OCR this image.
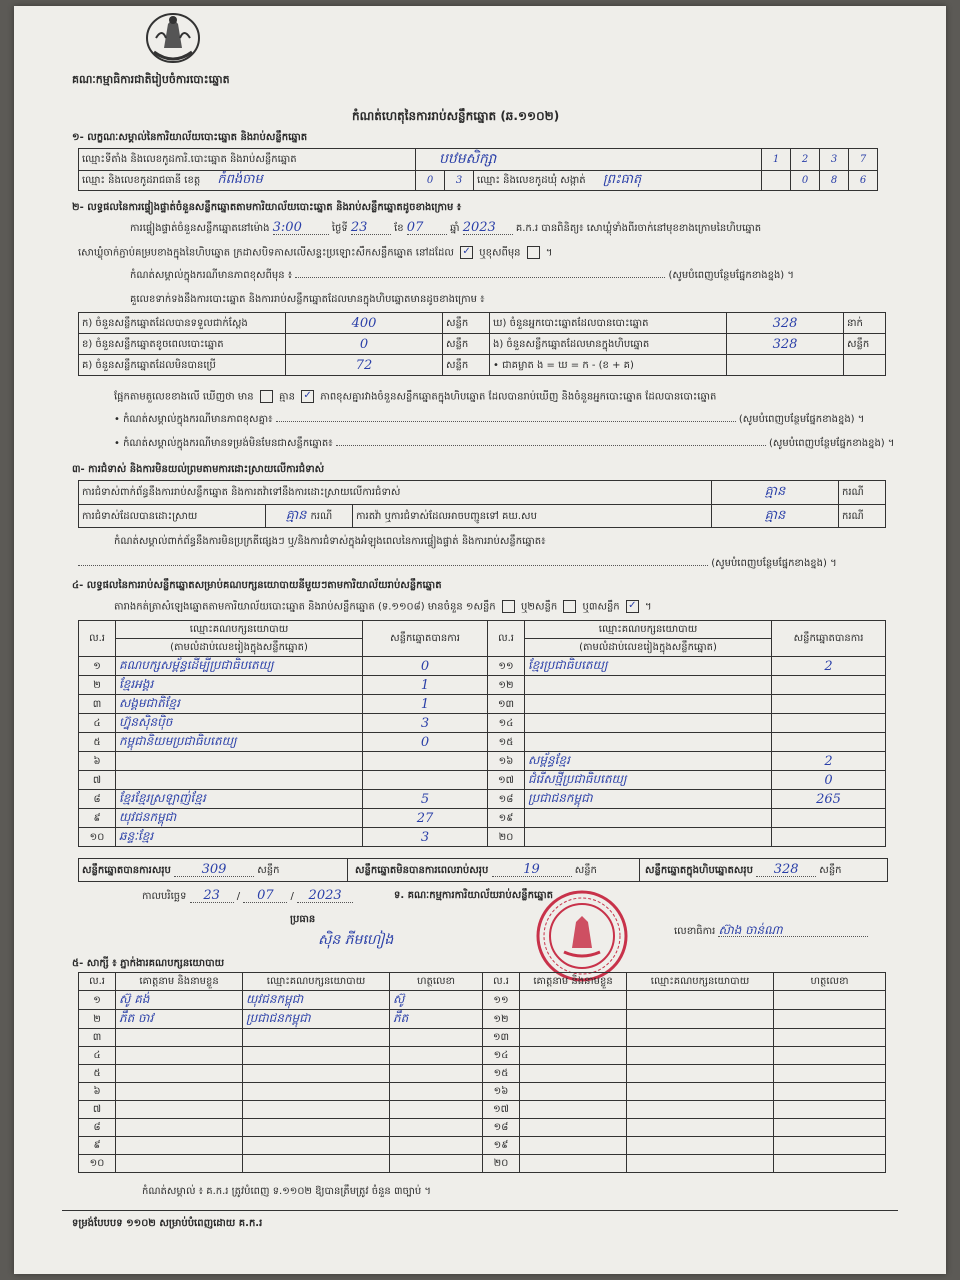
គណៈកម្មាធិការជាតិរៀបចំការបោះឆ្នោត
កំណត់ហេតុនៃការរាប់សន្លឹកឆ្នោត (ឆ.១១០២)
១- លក្ខណៈសម្គាល់នៃការិយាល័យបោះឆ្នោត និងរាប់សន្លឹកឆ្នោត
ឈ្មោះទីតាំង និងលេខកូដការិ.បោះឆ្នោត និងរាប់សន្លឹកឆ្នោត	បឋមសិក្សា			1	2	3	7
ឈ្មោះ និងលេខកូដរាជធានី ខេត្ត កំពង់ចាម	0	3	ឈ្មោះ និងលេខកូដឃុំ សង្កាត់ ព្រះធាតុ		0	8	6
២- លទ្ធផលនៃការផ្ទៀងផ្ទាត់ចំនួនសន្លឹកឆ្នោតតាមការិយាល័យបោះឆ្នោត និងរាប់សន្លឹកឆ្នោតដូចខាងក្រោម ៖
ការផ្ទៀងផ្ទាត់ចំនួនសន្លឹកឆ្នោតនៅម៉ោង 3:00	ថ្ងៃទី 23	ខែ 07	ឆ្នាំ 2023 គ.ក.រ បានពិនិត្យ៖ សោឃ្លុំទាំងពីរចាក់នៅមុខខាងក្រោមនៃហិបឆ្នោត
សោឃ្លុំចាក់ភ្ជាប់គម្របខាងក្នុងនៃហិបឆ្នោត ក្រដាសបិទភាសលើសន្ទះប្រឡោះសឹកសន្លឹកឆ្នោត នៅដដែល ✓ ឬខុសពីមុន  ។
កំណត់សម្គាល់ក្នុងករណីមានភាពខុសពីមុន ៖	(សូមបំពេញបន្ថែមផ្នែកខាងខ្នង) ។
គួលេខទាក់ទងនឹងការបោះឆ្នោត និងការរាប់សន្លឹកឆ្នោតដែលមានក្នុងហិបឆ្នោតមានដូចខាងក្រោម ៖
ក) ចំនួនសន្លឹកឆ្នោតដែលបានទទួលជាក់ស្តែង	400	សន្លឹក	ឃ) ចំនួនអ្នកបោះឆ្នោតដែលបានបោះឆ្នោត	328	នាក់
ខ) ចំនួនសន្លឹកឆ្នោតខូចពេលបោះឆ្នោត	0	សន្លឹក	ង) ចំនួនសន្លឹកឆ្នោតដែលមានក្នុងហិបឆ្នោត	328	សន្លឹក
គ) ចំនួនសន្លឹកឆ្នោតដែលមិនបានប្រើ	72	សន្លឹក	• ជាគម្លាត ង = ឃ = ក - (ខ + គ)		
ផ្អែកតាមតួលេខខាងលើ ឃើញថា មាន	គ្មាន ✓ ភាពខុសគ្នារវាងចំនួនសន្លឹកឆ្នោតក្នុងហិបឆ្នោត ដែលបានរាប់ឃើញ និងចំនួនអ្នកបោះឆ្នោត ដែលបានបោះឆ្នោត
• កំណត់សម្គាល់ក្នុងករណីមានភាពខុសគ្នា៖	(សូមបំពេញបន្ថែមផ្នែកខាងខ្នង) ។
• កំណត់សម្គាល់ក្នុងករណីមានទម្រង់មិនមែនជាសន្លឹកឆ្នោត៖	(សូមបំពេញបន្ថែមផ្នែកខាងខ្នង) ។
៣- ការជំទាស់ និងការមិនយល់ព្រមតាមការដោះស្រាយលើការជំទាស់
ការជំទាស់ពាក់ព័ន្ធនឹងការរាប់សន្លឹកឆ្នោត និងការតវ៉ាទៅនឹងការដោះស្រាយលើការជំទាស់			គ្មាន	ករណី
ការជំទាស់ដែលបានដោះស្រាយ	គ្មាន ករណី	ការតវ៉ា ឬការជំទាស់ដែលអាចបញ្ជូនទៅ គឃ.សប	គ្មាន	ករណី
កំណត់សម្គាល់ពាក់ព័ន្ធនឹងការមិនប្រក្រតីផ្សេងៗ ឬ/និងការជំទាស់ក្នុងអំឡុងពេលនៃការផ្ទៀងផ្ទាត់ និងការរាប់សន្លឹកឆ្នោត៖
(សូមបំពេញបន្ថែមផ្នែកខាងខ្នង) ។
៤- លទ្ធផលនៃការរាប់សន្លឹកឆ្នោតសម្រាប់គណបក្សនយោបាយនីមួយៗតាមការិយាល័យរាប់សន្លឹកឆ្នោត
តារាងកត់ត្រាសំឡេងឆ្នោតតាមការិយាល័យបោះឆ្នោត និងរាប់សន្លឹកឆ្នោត (ទ.១១០៨) មានចំនួន ១សន្លឹក	ឬ២សន្លឹក	ឬ៣សន្លឹក ✓ ។
ល.រ	ឈ្មោះគណបក្សនយោបាយ	សន្លឹកឆ្នោតបានការ	ល.រ	ឈ្មោះគណបក្សនយោបាយ	សន្លឹកឆ្នោតបានការ
	(តាមលំដាប់លេខរៀងក្នុងសន្លឹកឆ្នោត)			(តាមលំដាប់លេខរៀងក្នុងសន្លឹកឆ្នោត)	
១	គណបក្សសម្ព័ន្ធដើម្បីប្រជាធិបតេយ្យ	0	១១	ខ្មែរប្រជាធិបតេយ្យ	2
២	ខ្មែរអង្គរ	1	១២		
៣	សង្គមជាតិខ្មែរ	1	១៣		
៤	ហ្វ៊ុនស៊ិនប៉ិច	3	១៤		
៥	កម្ពុជានិយមប្រជាធិបតេយ្យ	0	១៥		
៦			១៦	សម្ព័ន្ធខ្មែរ	2
៧			១៧	ជំរើសថ្មីប្រជាធិបតេយ្យ	0
៨	ខ្មែរខ្មែរស្រឡាញ់ខ្មែរ	5	១៨	ប្រជាជនកម្ពុជា	265
៩	យុវជនកម្ពុជា	27	១៩		
១០	ឆន្ទៈខ្មែរ	3	២០		
សន្លឹកឆ្នោតបានការសរុប 309	សន្លឹក	សន្លឹកឆ្នោតមិនបានការពេលរាប់សរុប	19	សន្លឹក	សន្លឹកឆ្នោតក្នុងហិបឆ្នោតសរុប 328 សន្លឹក
កាលបរិច្ឆេទ 23 / 07 / 2023	ទ. គណៈកម្មការការិយាល័យរាប់សន្លឹកឆ្នោត
ប្រធាន
សុិន ភីមហៀង
លេខាធិការ ស៊ាង ចាន់ណា
៥- សាក្សី ៖ ភ្នាក់ងារគណបក្សនយោបាយ
ល.រ	គោត្តនាម និងនាមខ្លួន	ឈ្មោះគណបក្សនយោបាយ	ហត្ថលេខា	ល.រ	គោត្តនាម និងនាមខ្លួន	ឈ្មោះគណបក្សនយោបាយ	ហត្ថលេខា
១	ស៊ូ គង់	យុវជនកម្ពុជា	ស៊ូ	១១			
២	ភឹត ចាវ	ប្រជាជនកម្ពុជា	ភឹត	១២			
៣				១៣			
៤				១៤			
៥				១៥			
៦				១៦			
៧				១៧			
៨				១៨			
៩				១៩			
១០				២០			
កំណត់សម្គាល់ ៖ គ.ក.រ ត្រូវបំពេញ ទ.១១០២ ឱ្យបានត្រឹមត្រូវ ចំនួន ៣ច្បាប់ ។
ទម្រង់បែបបទ ១១០២ សម្រាប់បំពេញដោយ គ.ក.រ
